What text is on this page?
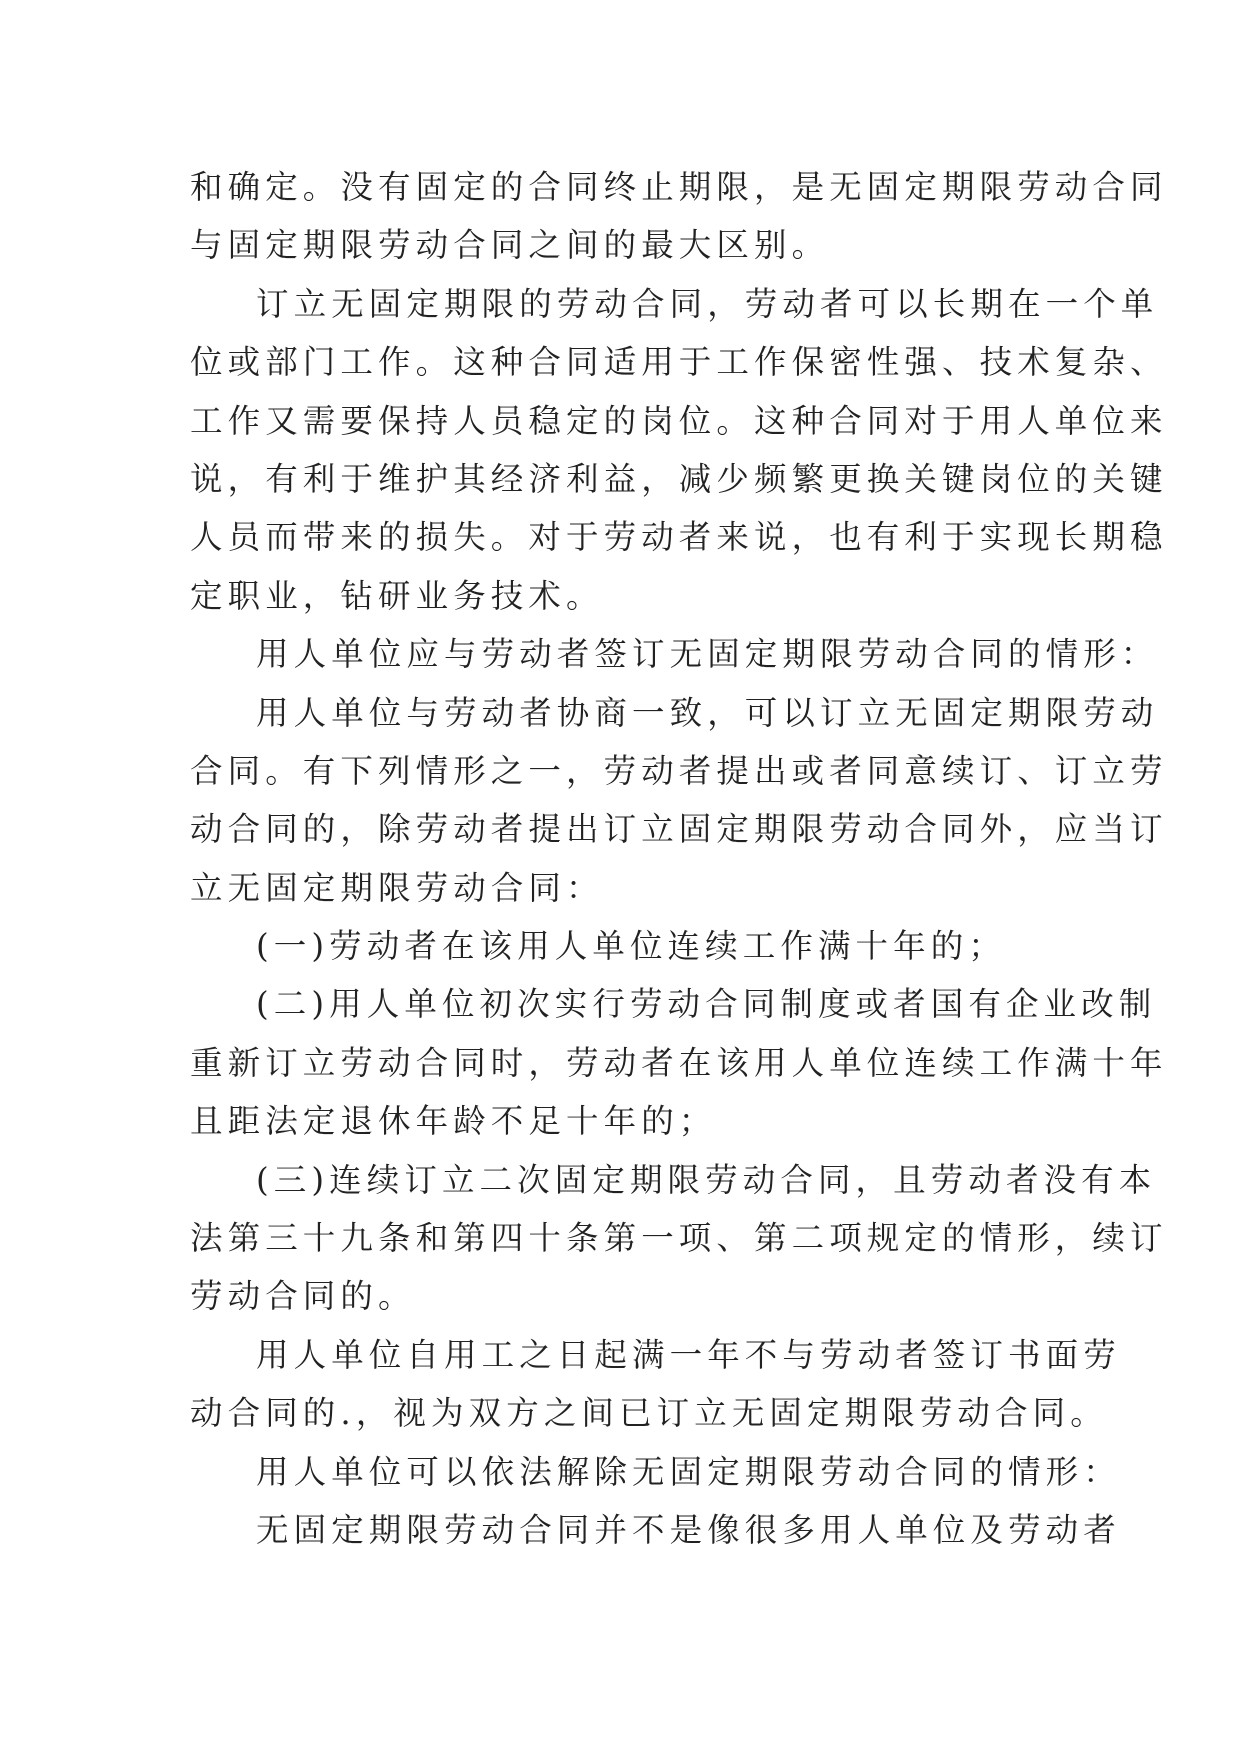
和确定。没有固定的合同终止期限，是无固定期限劳动合同
与固定期限劳动合同之间的最大区别。
订立无固定期限的劳动合同，劳动者可以长期在一个单
位或部门工作。这种合同适用于工作保密性强、技术复杂、
工作又需要保持人员稳定的岗位。这种合同对于用人单位来
说，有利于维护其经济利益，减少频繁更换关键岗位的关键
人员而带来的损失。对于劳动者来说，也有利于实现长期稳
定职业，钻研业务技术。
用人单位应与劳动者签订无固定期限劳动合同的情形：
用人单位与劳动者协商一致，可以订立无固定期限劳动
合同。有下列情形之一，劳动者提出或者同意续订、订立劳
动合同的，除劳动者提出订立固定期限劳动合同外，应当订
立无固定期限劳动合同：
(一)劳动者在该用人单位连续工作满十年的；
(二)用人单位初次实行劳动合同制度或者国有企业改制
重新订立劳动合同时，劳动者在该用人单位连续工作满十年
且距法定退休年龄不足十年的；
(三)连续订立二次固定期限劳动合同，且劳动者没有本
法第三十九条和第四十条第一项、第二项规定的情形，续订
劳动合同的。
用人单位自用工之日起满一年不与劳动者签订书面劳
动合同的.，视为双方之间已订立无固定期限劳动合同。
用人单位可以依法解除无固定期限劳动合同的情形：
无固定期限劳动合同并不是像很多用人单位及劳动者
